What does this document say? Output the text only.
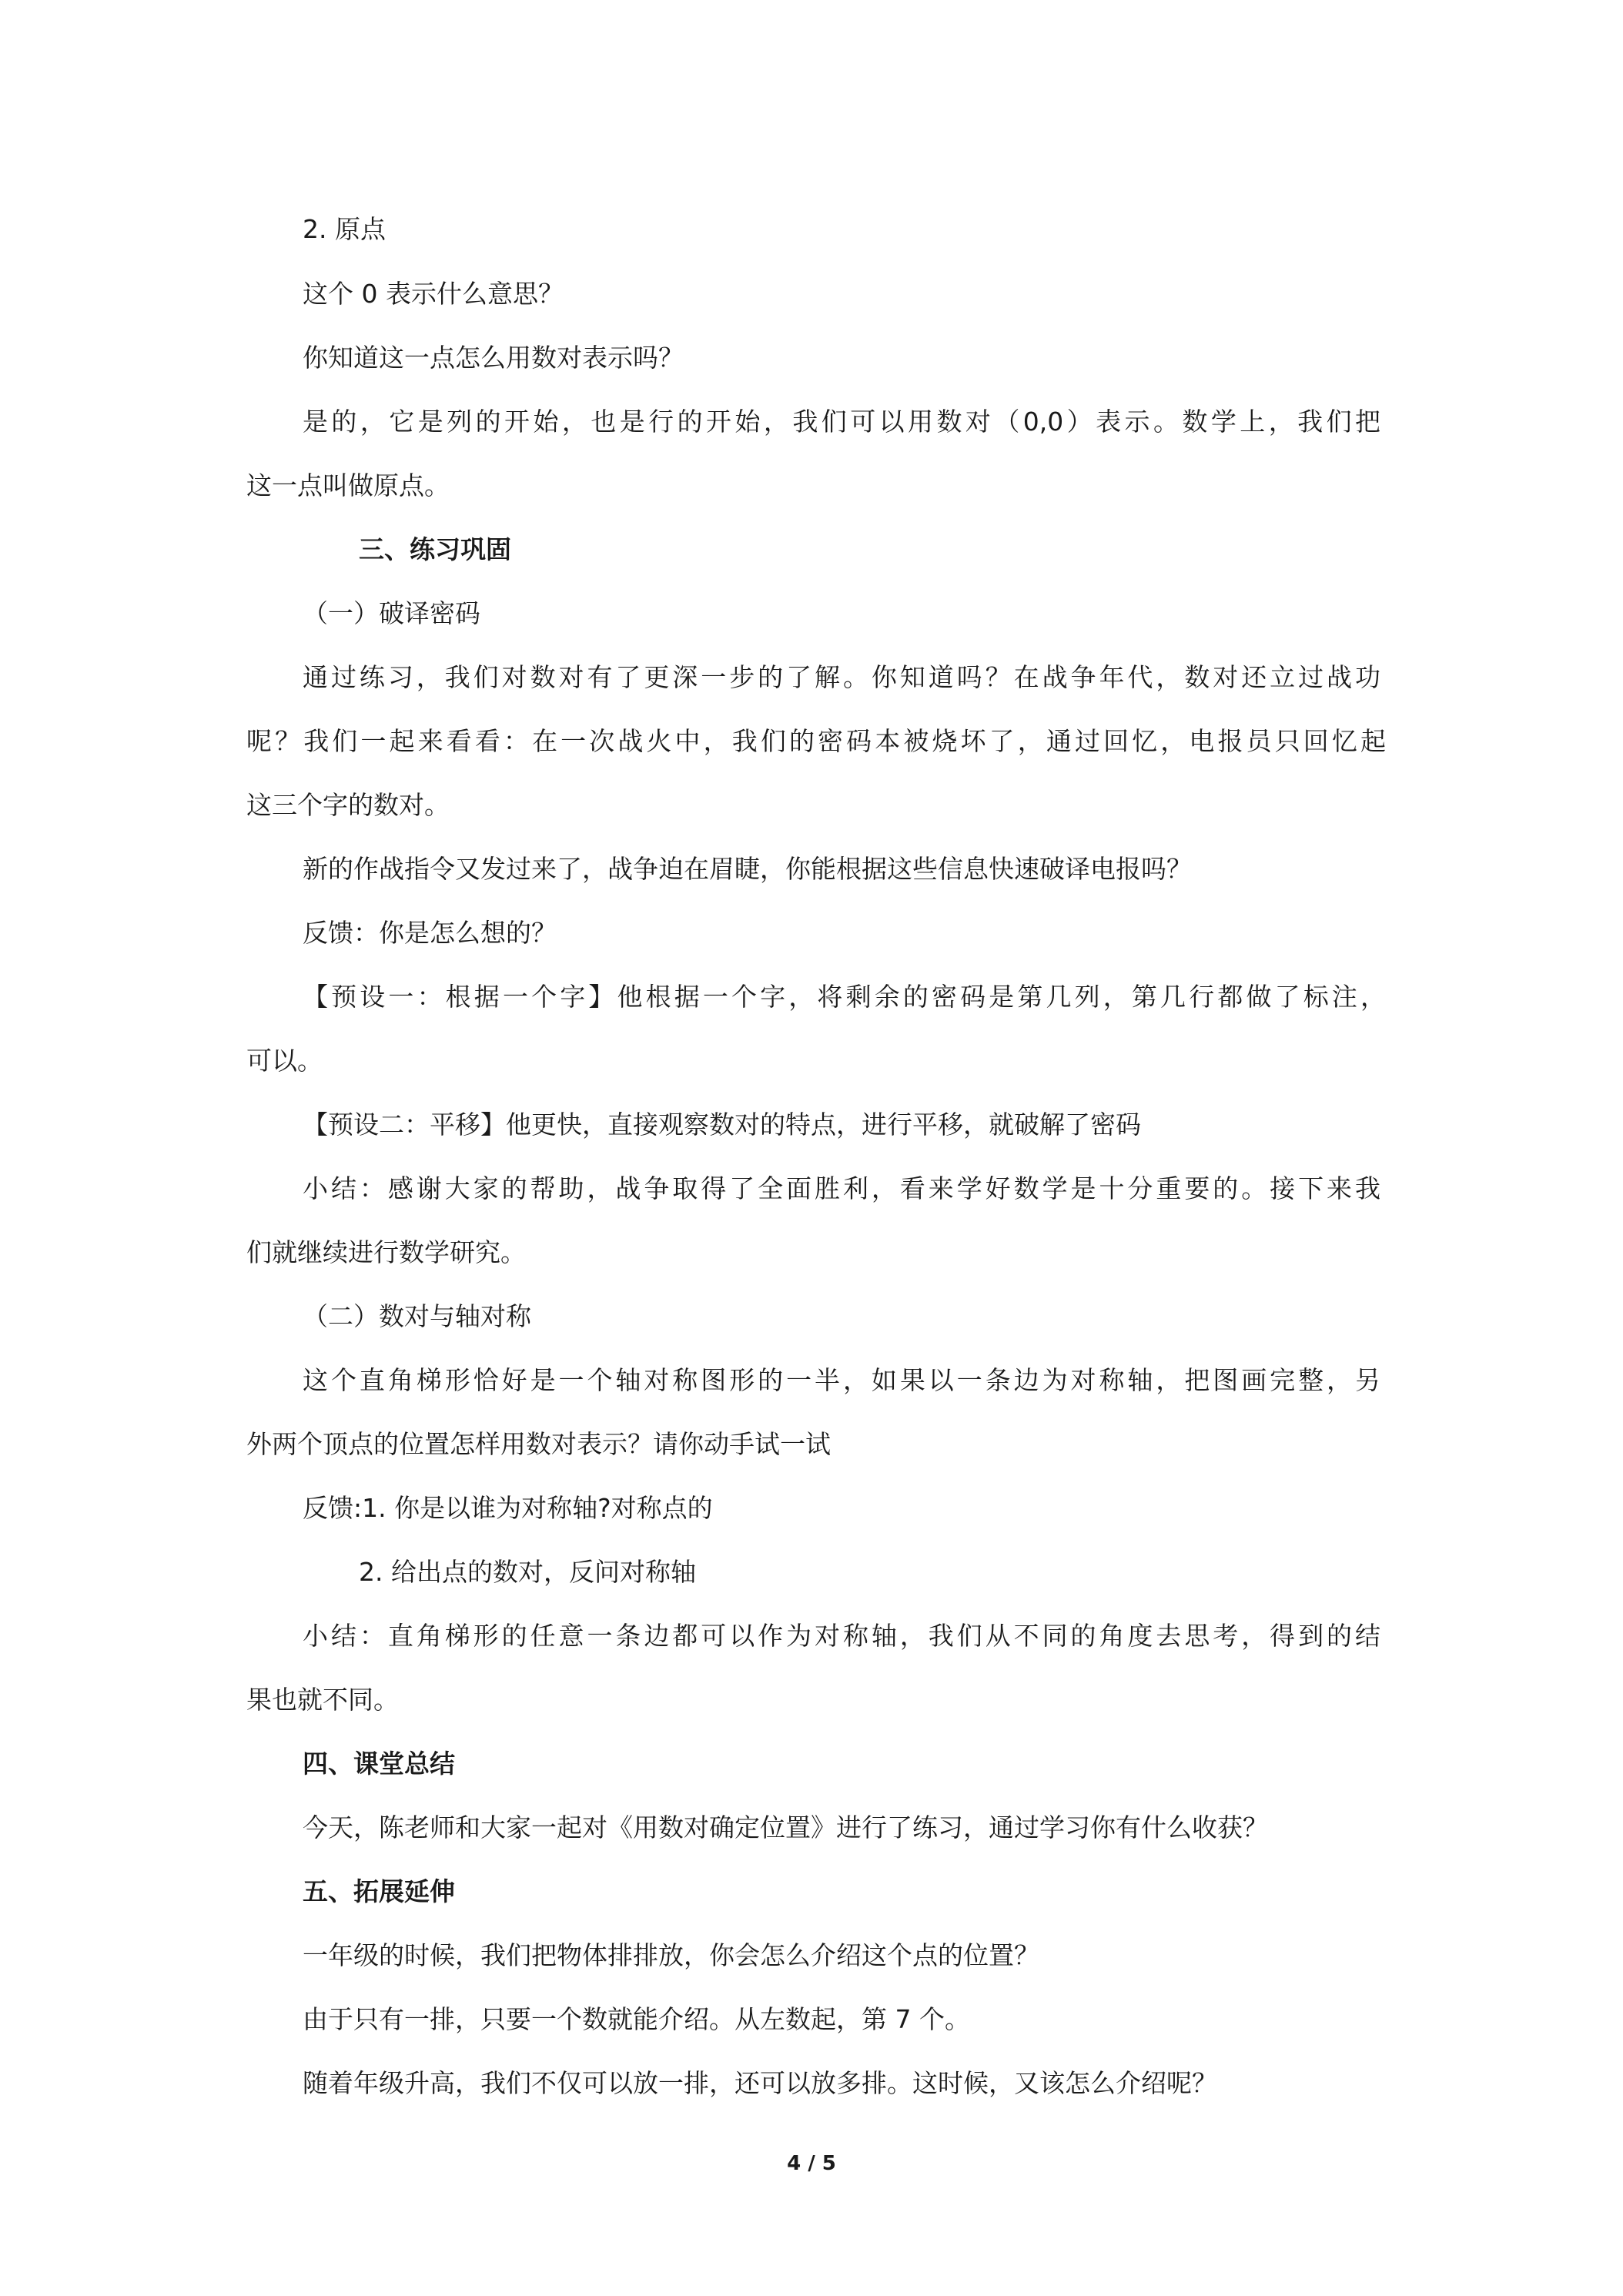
2. 原点
这个 0 表示什么意思？
你知道这一点怎么用数对表示吗？
是的，它是列的开始，也是行的开始，我们可以用数对（0,0）表示。数学上，我们把
这一点叫做原点。
三、练习巩固
（一）破译密码
通过练习，我们对数对有了更深一步的了解。你知道吗？在战争年代，数对还立过战功
呢？我们一起来看看：在一次战火中，我们的密码本被烧坏了，通过回忆，电报员只回忆起
这三个字的数对。
新的作战指令又发过来了，战争迫在眉睫，你能根据这些信息快速破译电报吗？
反馈：你是怎么想的？
【预设一：根据一个字】他根据一个字，将剩余的密码是第几列，第几行都做了标注，
可以。
【预设二：平移】他更快，直接观察数对的特点，进行平移，就破解了密码
小结：感谢大家的帮助，战争取得了全面胜利，看来学好数学是十分重要的。接下来我
们就继续进行数学研究。
（二）数对与轴对称
这个直角梯形恰好是一个轴对称图形的一半，如果以一条边为对称轴，把图画完整，另
外两个顶点的位置怎样用数对表示？请你动手试一试
反馈:1. 你是以谁为对称轴?对称点的
2. 给出点的数对，反问对称轴
小结：直角梯形的任意一条边都可以作为对称轴，我们从不同的角度去思考，得到的结
果也就不同。
四、课堂总结
今天，陈老师和大家一起对《用数对确定位置》进行了练习，通过学习你有什么收获？
五、拓展延伸
一年级的时候，我们把物体排排放，你会怎么介绍这个点的位置？
由于只有一排，只要一个数就能介绍。从左数起，第 7 个。
随着年级升高，我们不仅可以放一排，还可以放多排。这时候，又该怎么介绍呢？
4 / 5
